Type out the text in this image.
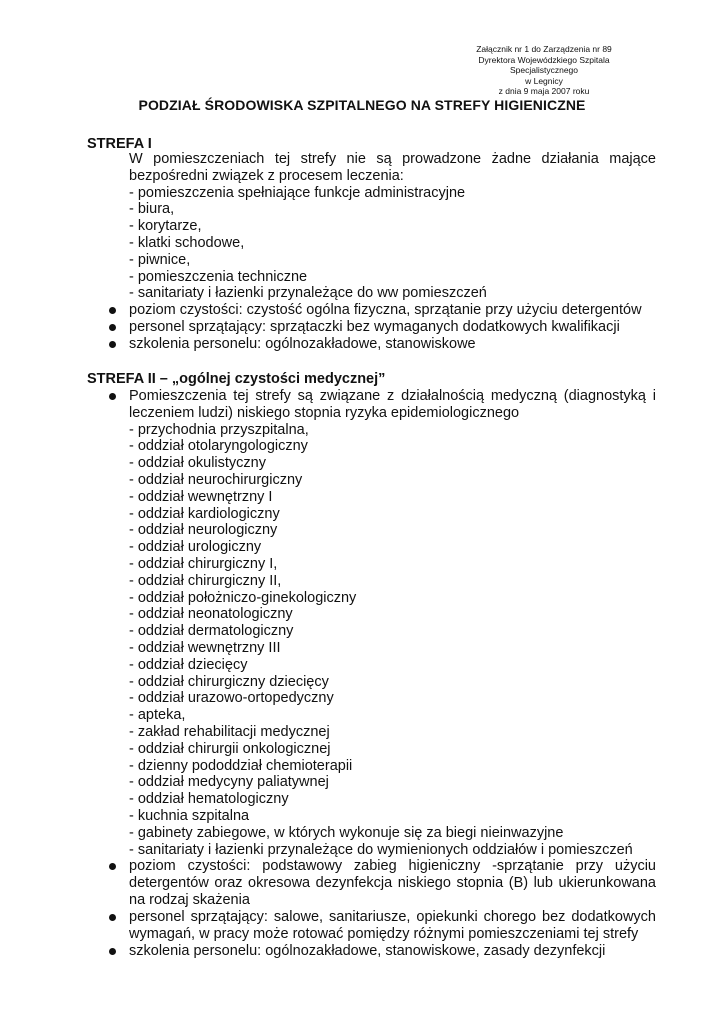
Załącznik nr 1 do Zarządzenia nr 89
Dyrektora Wojewódzkiego Szpitala Specjalistycznego
w Legnicy
z dnia 9 maja 2007 roku
PODZIAŁ ŚRODOWISKA SZPITALNEGO NA STREFY HIGIENICZNE
STREFA I
W pomieszczeniach tej strefy nie są prowadzone żadne działania mające
bezpośredni związek z procesem leczenia:
- pomieszczenia spełniające funkcje administracyjne
- biura,
- korytarze,
- klatki schodowe,
- piwnice,
- pomieszczenia techniczne
- sanitariaty i łazienki przynależące do ww pomieszczeń
poziom czystości: czystość ogólna fizyczna, sprzątanie przy użyciu detergentów
personel sprzątający: sprzątaczki bez wymaganych dodatkowych kwalifikacji
szkolenia personelu: ogólnozakładowe, stanowiskowe
STREFA II – „ogólnej czystości medycznej”
Pomieszczenia tej strefy są związane z działalnością medyczną (diagnostyką i
leczeniem ludzi) niskiego stopnia ryzyka epidemiologicznego
- przychodnia przyszpitalna,
- oddział otolaryngologiczny
- oddział okulistyczny
- oddział neurochirurgiczny
- oddział wewnętrzny I
- oddział kardiologiczny
- oddział neurologiczny
- oddział urologiczny
- oddział chirurgiczny I,
- oddział chirurgiczny II,
- oddział położniczo-ginekologiczny
- oddział neonatologiczny
- oddział dermatologiczny
- oddział wewnętrzny III
- oddział dziecięcy
- oddział chirurgiczny dziecięcy
- oddział urazowo-ortopedyczny
- apteka,
- zakład rehabilitacji medycznej
- oddział chirurgii onkologicznej
- dzienny pododdział chemioterapii
- oddział medycyny paliatywnej
- oddział hematologiczny
- kuchnia szpitalna
- gabinety zabiegowe, w których wykonuje się za biegi nieinwazyjne
- sanitariaty i łazienki przynależące do wymienionych oddziałów i pomieszczeń
poziom czystości: podstawowy zabieg higieniczny -sprzątanie przy użyciu
detergentów oraz okresowa dezynfekcja niskiego stopnia (B) lub ukierunkowana
na rodzaj skażenia
personel sprzątający: salowe, sanitariusze, opiekunki chorego bez dodatkowych
wymagań, w pracy może rotować pomiędzy różnymi pomieszczeniami tej strefy
szkolenia personelu: ogólnozakładowe, stanowiskowe, zasady dezynfekcji
